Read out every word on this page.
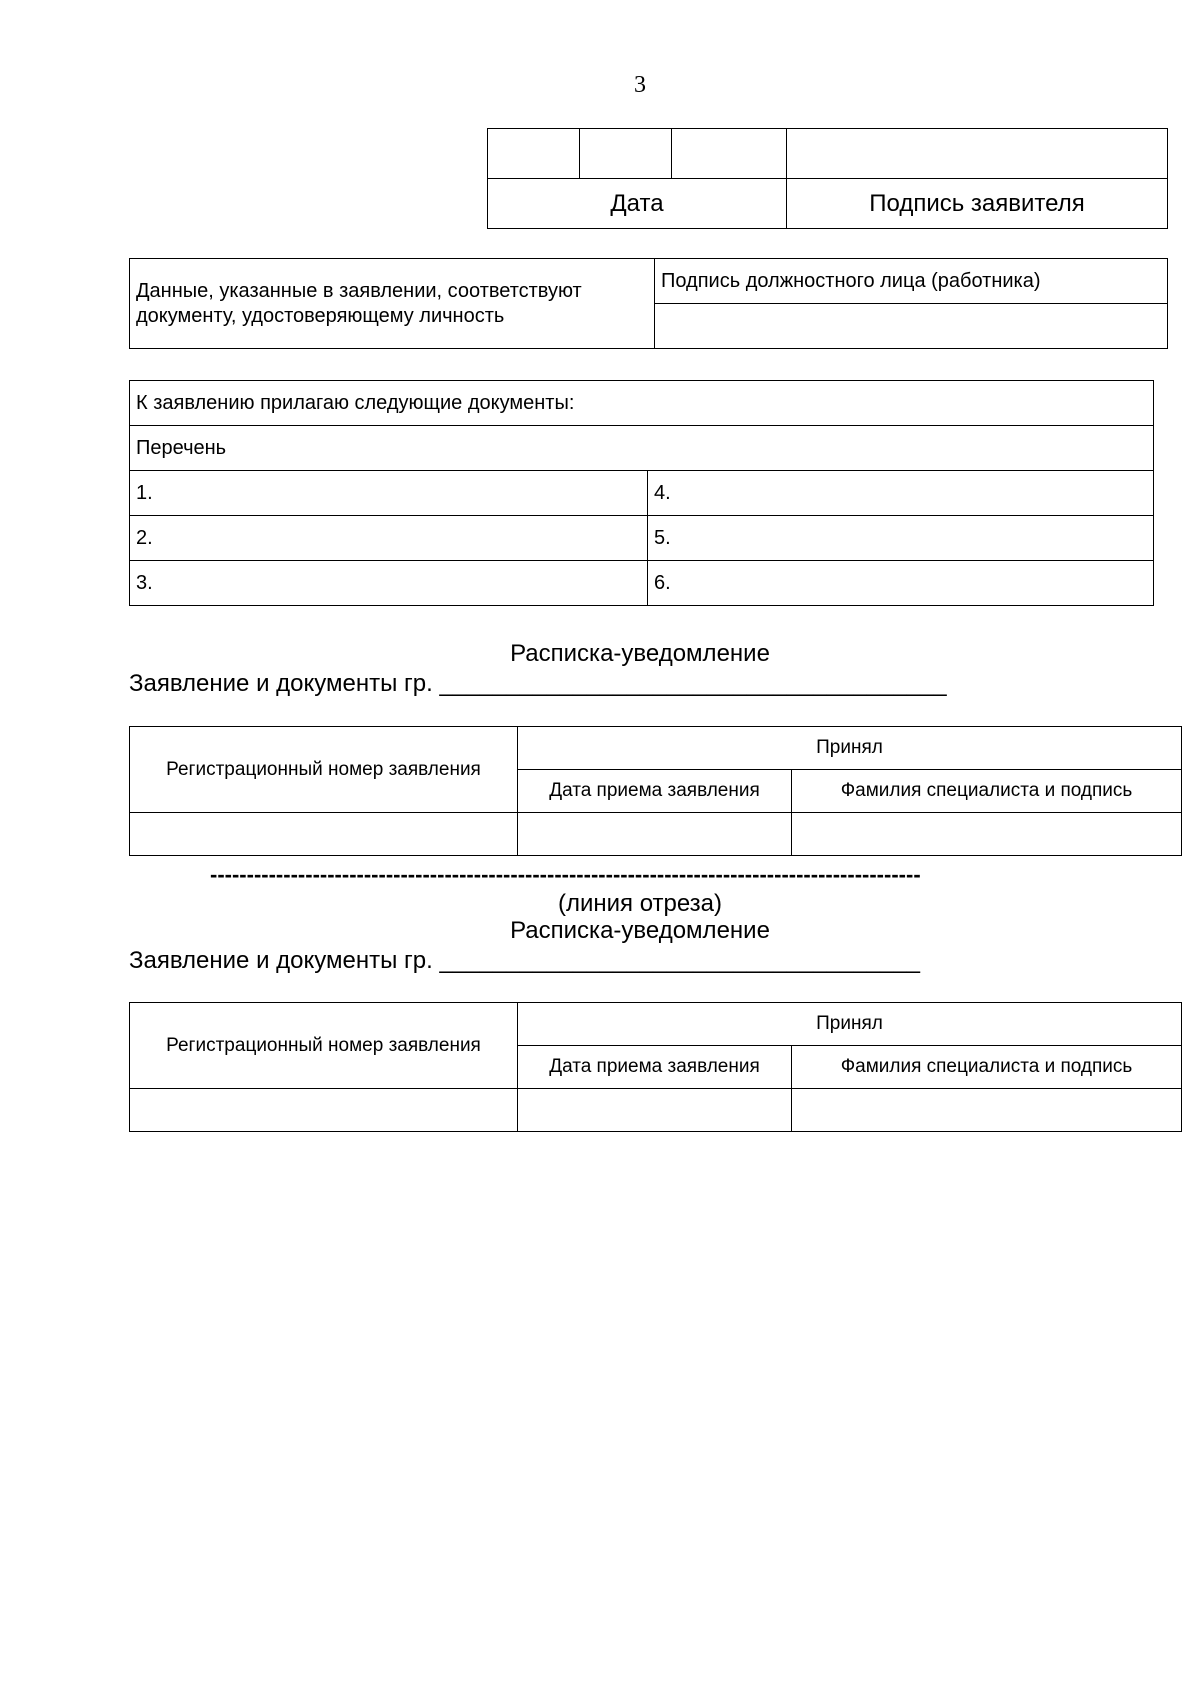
3

Дата			Подпись заявителя
Данные, указанные в заявлении, соответствуют документу, удостоверяющему личность	Подпись должностного лица (работника)

К заявлению прилагаю следующие документы:	
Перечень	
1.	4.
2.	5.
3.	6.
Расписка-уведомление
Заявление и документы гр. ______________________________________
Регистрационный номер заявления	Принял	
	Дата приема заявления	Фамилия специалиста и подпись

-------------------------------------------------------------------------------------------------
(линия отреза)
Расписка-уведомление
Заявление и документы гр. ____________________________________
Регистрационный номер заявления	Принял	
	Дата приема заявления	Фамилия специалиста и подпись
